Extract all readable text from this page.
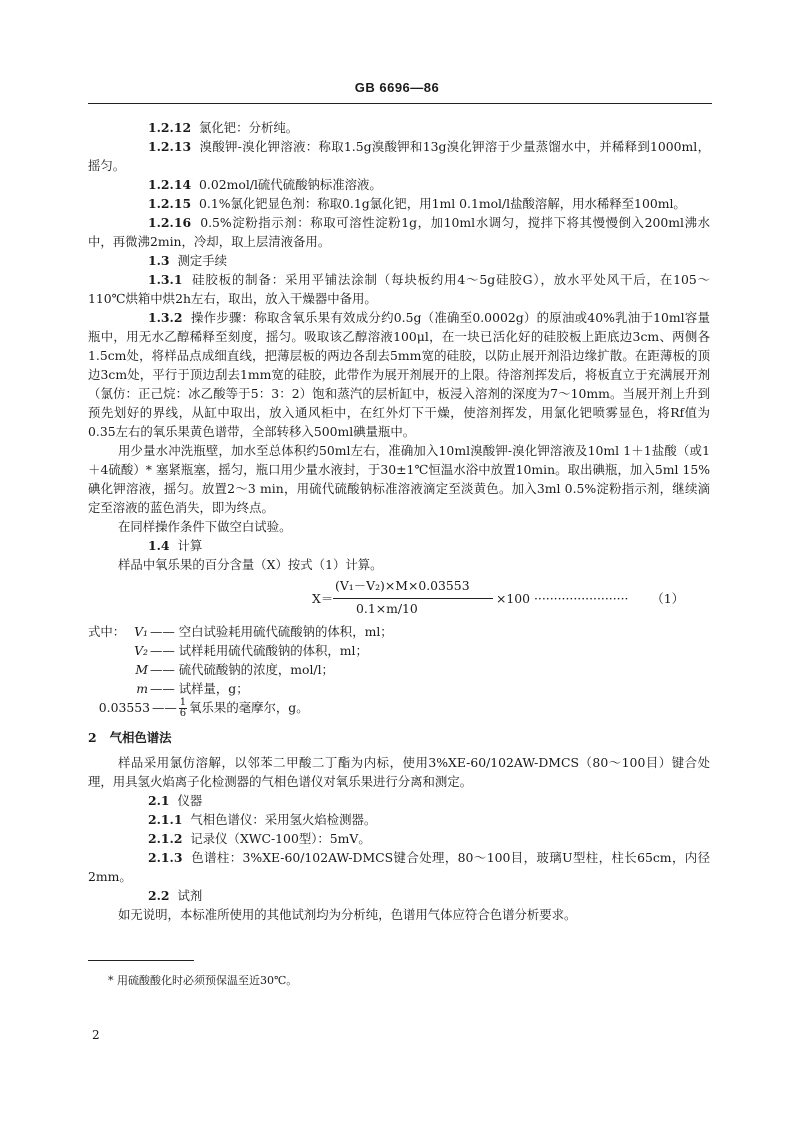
GB 6696—86

1.2.12 氯化钯：分析纯。

1.2.13 溴酸钾-溴化钾溶液：称取1.5g溴酸钾和13g溴化钾溶于少量蒸馏水中，并稀释到1000ml，摇匀。

1.2.14 0.02mol/l硫代硫酸钠标准溶液。

1.2.15 0.1%氯化钯显色剂：称取0.1g氯化钯，用1ml 0.1mol/l盐酸溶解，用水稀释至100ml。

1.2.16 0.5%淀粉指示剂：称取可溶性淀粉1g，加10ml水调匀，搅拌下将其慢慢倒入200ml沸水中，再微沸2min，冷却，取上层清液备用。

1.3 测定手续

1.3.1 硅胶板的制备：采用平铺法涂制（每块板约用4～5g硅胶G），放水平处风干后，在105～110℃烘箱中烘2h左右，取出，放入干燥器中备用。

1.3.2 操作步骤：称取含氧乐果有效成分约0.5g（准确至0.0002g）的原油或40%乳油于10ml容量瓶中，用无水乙醇稀释至刻度，摇匀。吸取该乙醇溶液100μl，在一块已活化好的硅胶板上距底边3cm、两侧各1.5cm处，将样品点成细直线，把薄层板的两边各刮去5mm宽的硅胶，以防止展开剂沿边缘扩散。在距薄板的顶边3cm处，平行于顶边刮去1mm宽的硅胶，此带作为展开剂展开的上限。待溶剂挥发后，将板直立于充满展开剂（氯仿：正己烷：冰乙酸等于5：3：2）饱和蒸汽的层析缸中，板浸入溶剂的深度为7～10mm。当展开剂上升到预先划好的界线，从缸中取出，放入通风柜中，在红外灯下干燥，使溶剂挥发，用氯化钯喷雾显色，将Rf值为0.35左右的氧乐果黄色谱带，全部转移入500ml碘量瓶中。

用少量水冲洗瓶壁，加水至总体积约50ml左右，准确加入10ml溴酸钾-溴化钾溶液及10ml 1＋1盐酸（或1＋4硫酸）* 塞紧瓶塞，摇匀，瓶口用少量水液封，于30±1℃恒温水浴中放置10min。取出碘瓶，加入5ml 15%碘化钾溶液，摇匀。放置2～3 min，用硫代硫酸钠标准溶液滴定至淡黄色。加入3ml 0.5%淀粉指示剂，继续滴定至溶液的蓝色消失，即为终点。

在同样操作条件下做空白试验。

1.4 计算

样品中氧乐果的百分含量（X）按式（1）计算。

X＝
(V₁－V₂)×M×0.03553
0.1×m/10
×100 ························ （1）
式中： V₁ —— 空白试验耗用硫代硫酸钠的体积，ml；
V₂ —— 试样耗用硫代硫酸钠的体积，ml；
M —— 硫代硫酸钠的浓度，mol/l；
m —— 试样量，g；
0.03553 —— $\frac{1}{6}$ 氧乐果的毫摩尔，g。

2 气相色谱法

样品采用氯仿溶解，以邻苯二甲酸二丁酯为内标，使用3%XE-60/102AW-DMCS（80～100目）键合处理，用具氢火焰离子化检测器的气相色谱仪对氧乐果进行分离和测定。

2.1 仪器

2.1.1 气相色谱仪：采用氢火焰检测器。

2.1.2 记录仪（XWC-100型）：5mV。

2.1.3 色谱柱：3%XE-60/102AW-DMCS键合处理，80～100目，玻璃U型柱，柱长65cm，内径2mm。

2.2 试剂

如无说明，本标准所使用的其他试剂均为分析纯，色谱用气体应符合色谱分析要求。

* 用硫酸酸化时必须预保温至近30℃。
2
